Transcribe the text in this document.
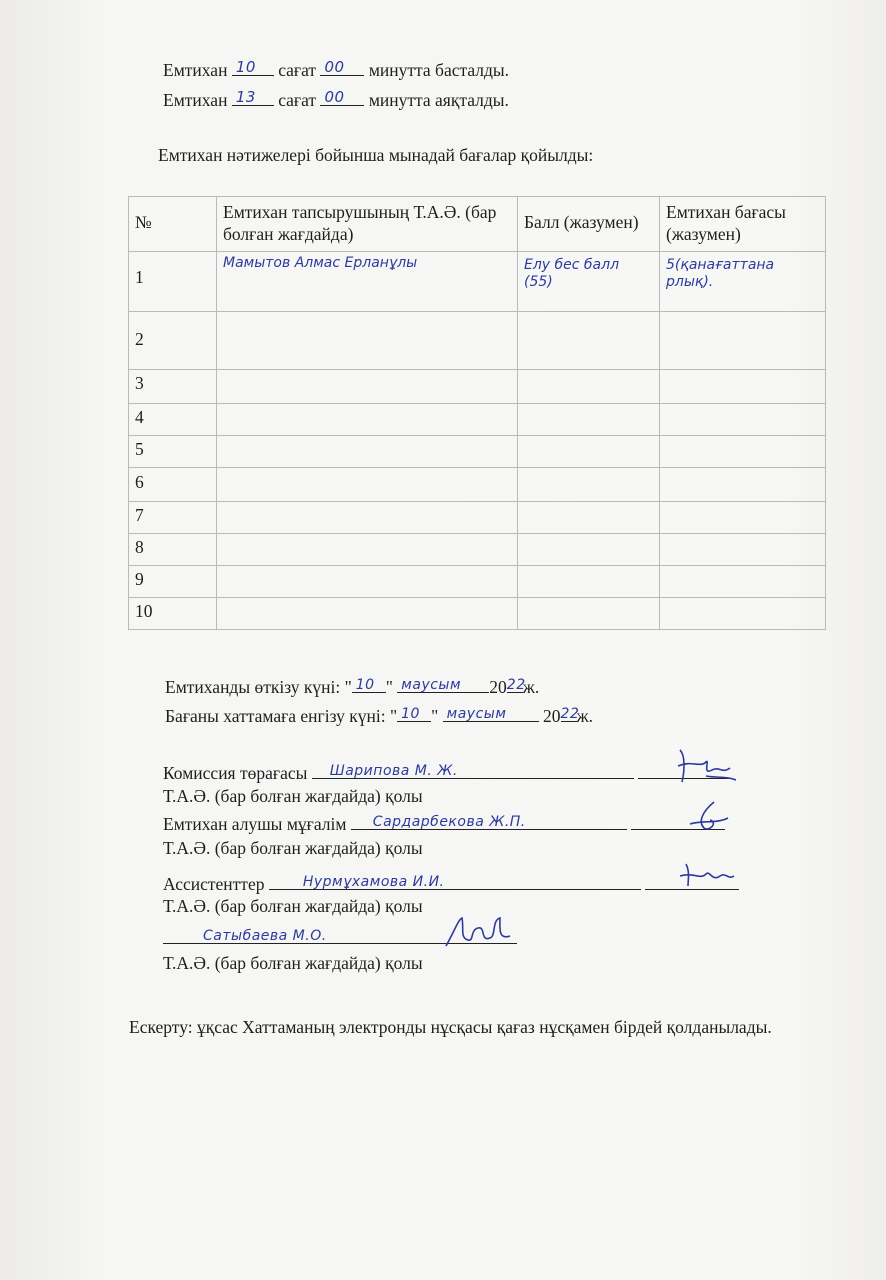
Емтихан 10 сағат 00 минутта басталды.
Емтихан 13 сағат 00 минутта аяқталды.
Емтихан нәтижелері бойынша мынадай бағалар қойылды:
№	Емтихан тапсырушының Т.А.Ә. (бар болған жағдайда)	Балл (жазумен)	Емтихан бағасы (жазумен)
1	Мамытов Алмас Ерланұлы	Елу бес балл (55)	5(қанағаттанарлық).

2			
3			
4			
5			
6			
7			
8			
9			
10			
Емтиханды өткізу күні: " 10 " маусым 20 22
ж.
Бағаны хаттамаға енгізу күні: " 10 " маусым 20 22
ж.
Комиссия төрағасы Шарипова М. Ж.

Т.А.Ә. (бар болған жағдайда) қолы
Емтихан алушы мұғалім Сардарбекова Ж.П.

Т.А.Ә. (бар болған жағдайда) қолы
Ассистенттер	Нурмұхамова И.И.

Т.А.Ә. (бар болған жағдайда) қолы
Сатыбаева М.О.
Т.А.Ә. (бар болған жағдайда) қолы
Ескерту: ұқсас Хаттаманың электронды нұсқасы қағаз нұсқамен бірдей қолданылады.
